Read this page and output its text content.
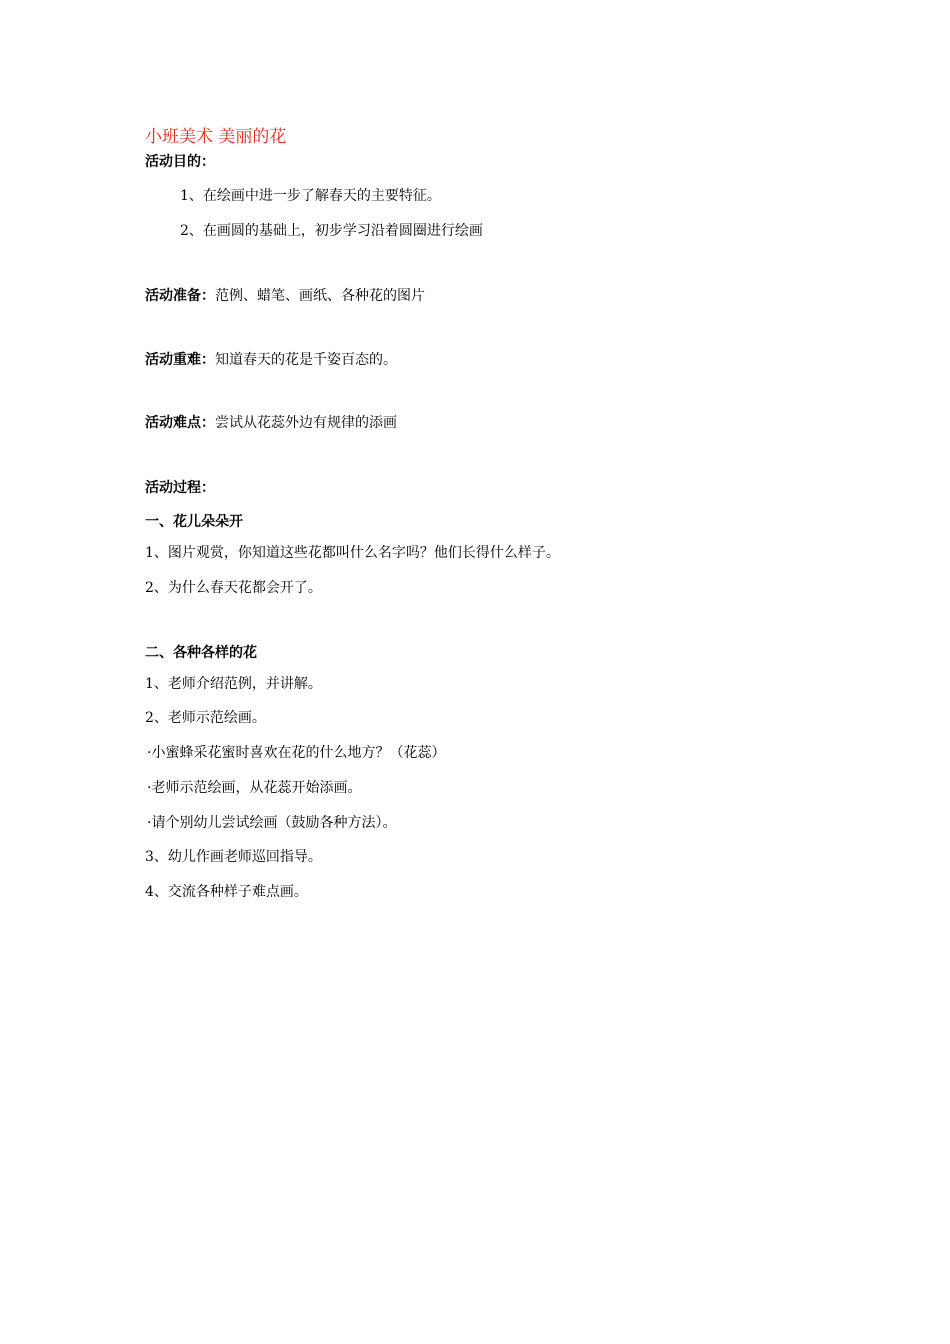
小班美术 美丽的花
活动目的：
1、在绘画中进一步了解春天的主要特征。
2、在画圆的基础上，初步学习沿着圆圈进行绘画
活动准备：范例、蜡笔、画纸、各种花的图片
活动重难：知道春天的花是千姿百态的。
活动难点：尝试从花蕊外边有规律的添画
活动过程：
一、花儿朵朵开
1、图片观赏，你知道这些花都叫什么名字吗？他们长得什么样子。
2、为什么春天花都会开了。
二、各种各样的花
1、老师介绍范例，并讲解。
2、老师示范绘画。
·小蜜蜂采花蜜时喜欢在花的什么地方？（花蕊）
·老师示范绘画，从花蕊开始添画。
·请个别幼儿尝试绘画（鼓励各种方法）。
3、幼儿作画老师巡回指导。
4、交流各种样子难点画。
